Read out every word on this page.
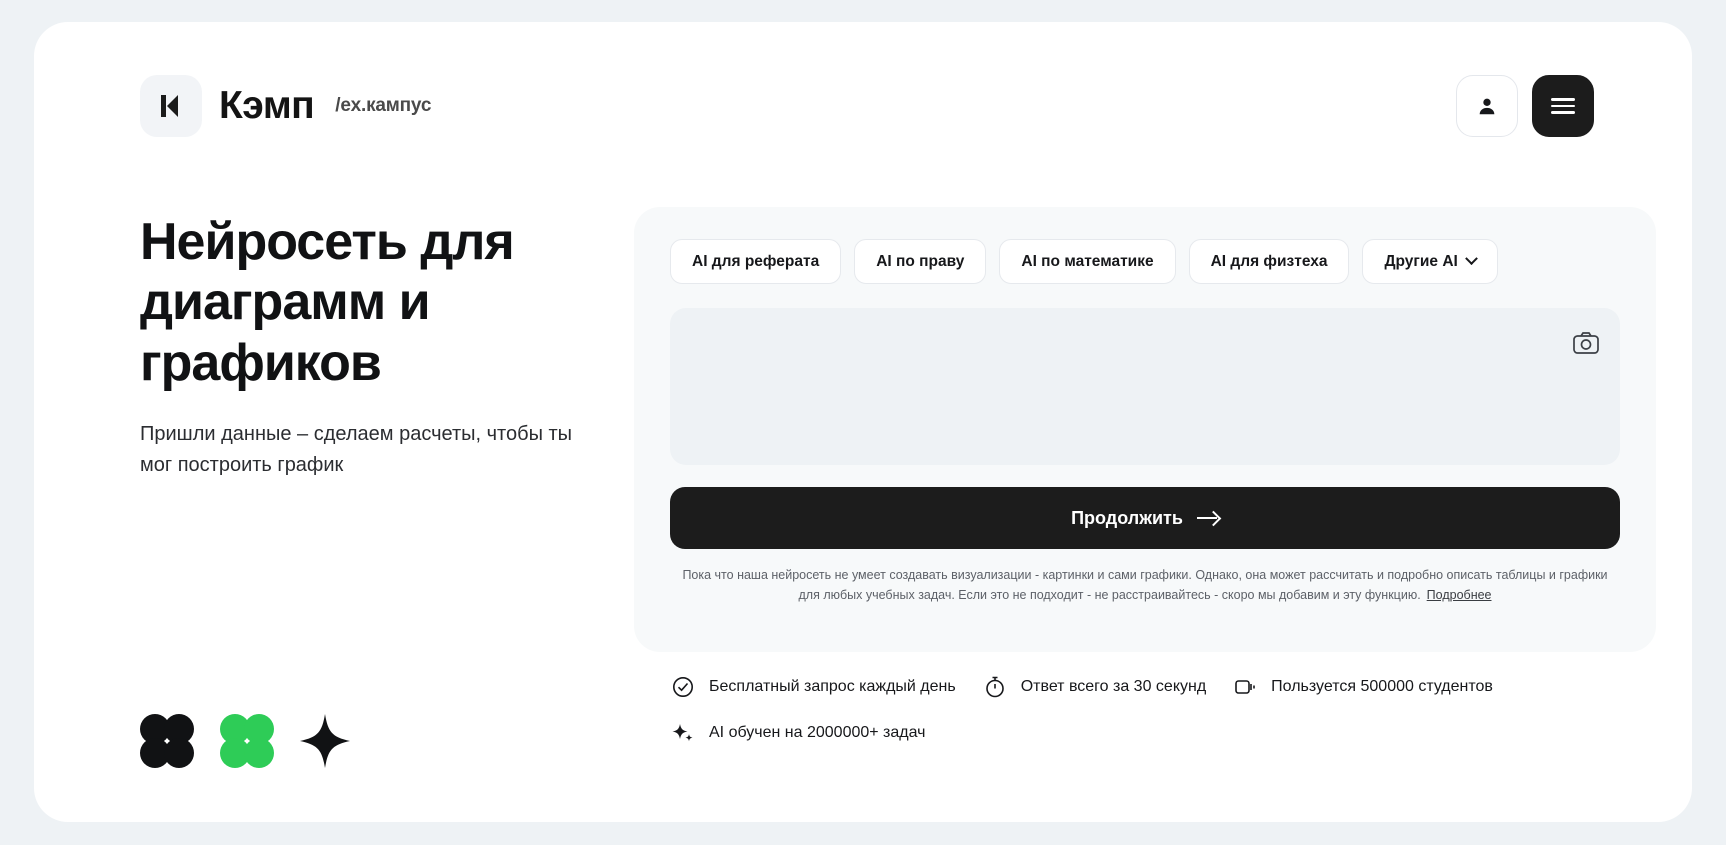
Кэмп /ex.кампус
Нейросеть для диаграмм и графиков

Пришли данные – сделаем расчеты, чтобы ты мог построить график

AI для реферата	AI по праву	AI по математике	AI для физтеха	Другие AI
Продолжить
Пока что наша нейросеть не умеет создавать визуализации - картинки и сами графики. Однако, она может рассчитать и подробно описать таблицы и графики для любых учебных задач. Если это не подходит - не расстраивайтесь - скоро мы добавим и эту функцию. Подробнее
Бесплатный запрос каждый день	Ответ всего за 30 секунд	Пользуется 500000 студентов
AI обучен на 2000000+ задач
